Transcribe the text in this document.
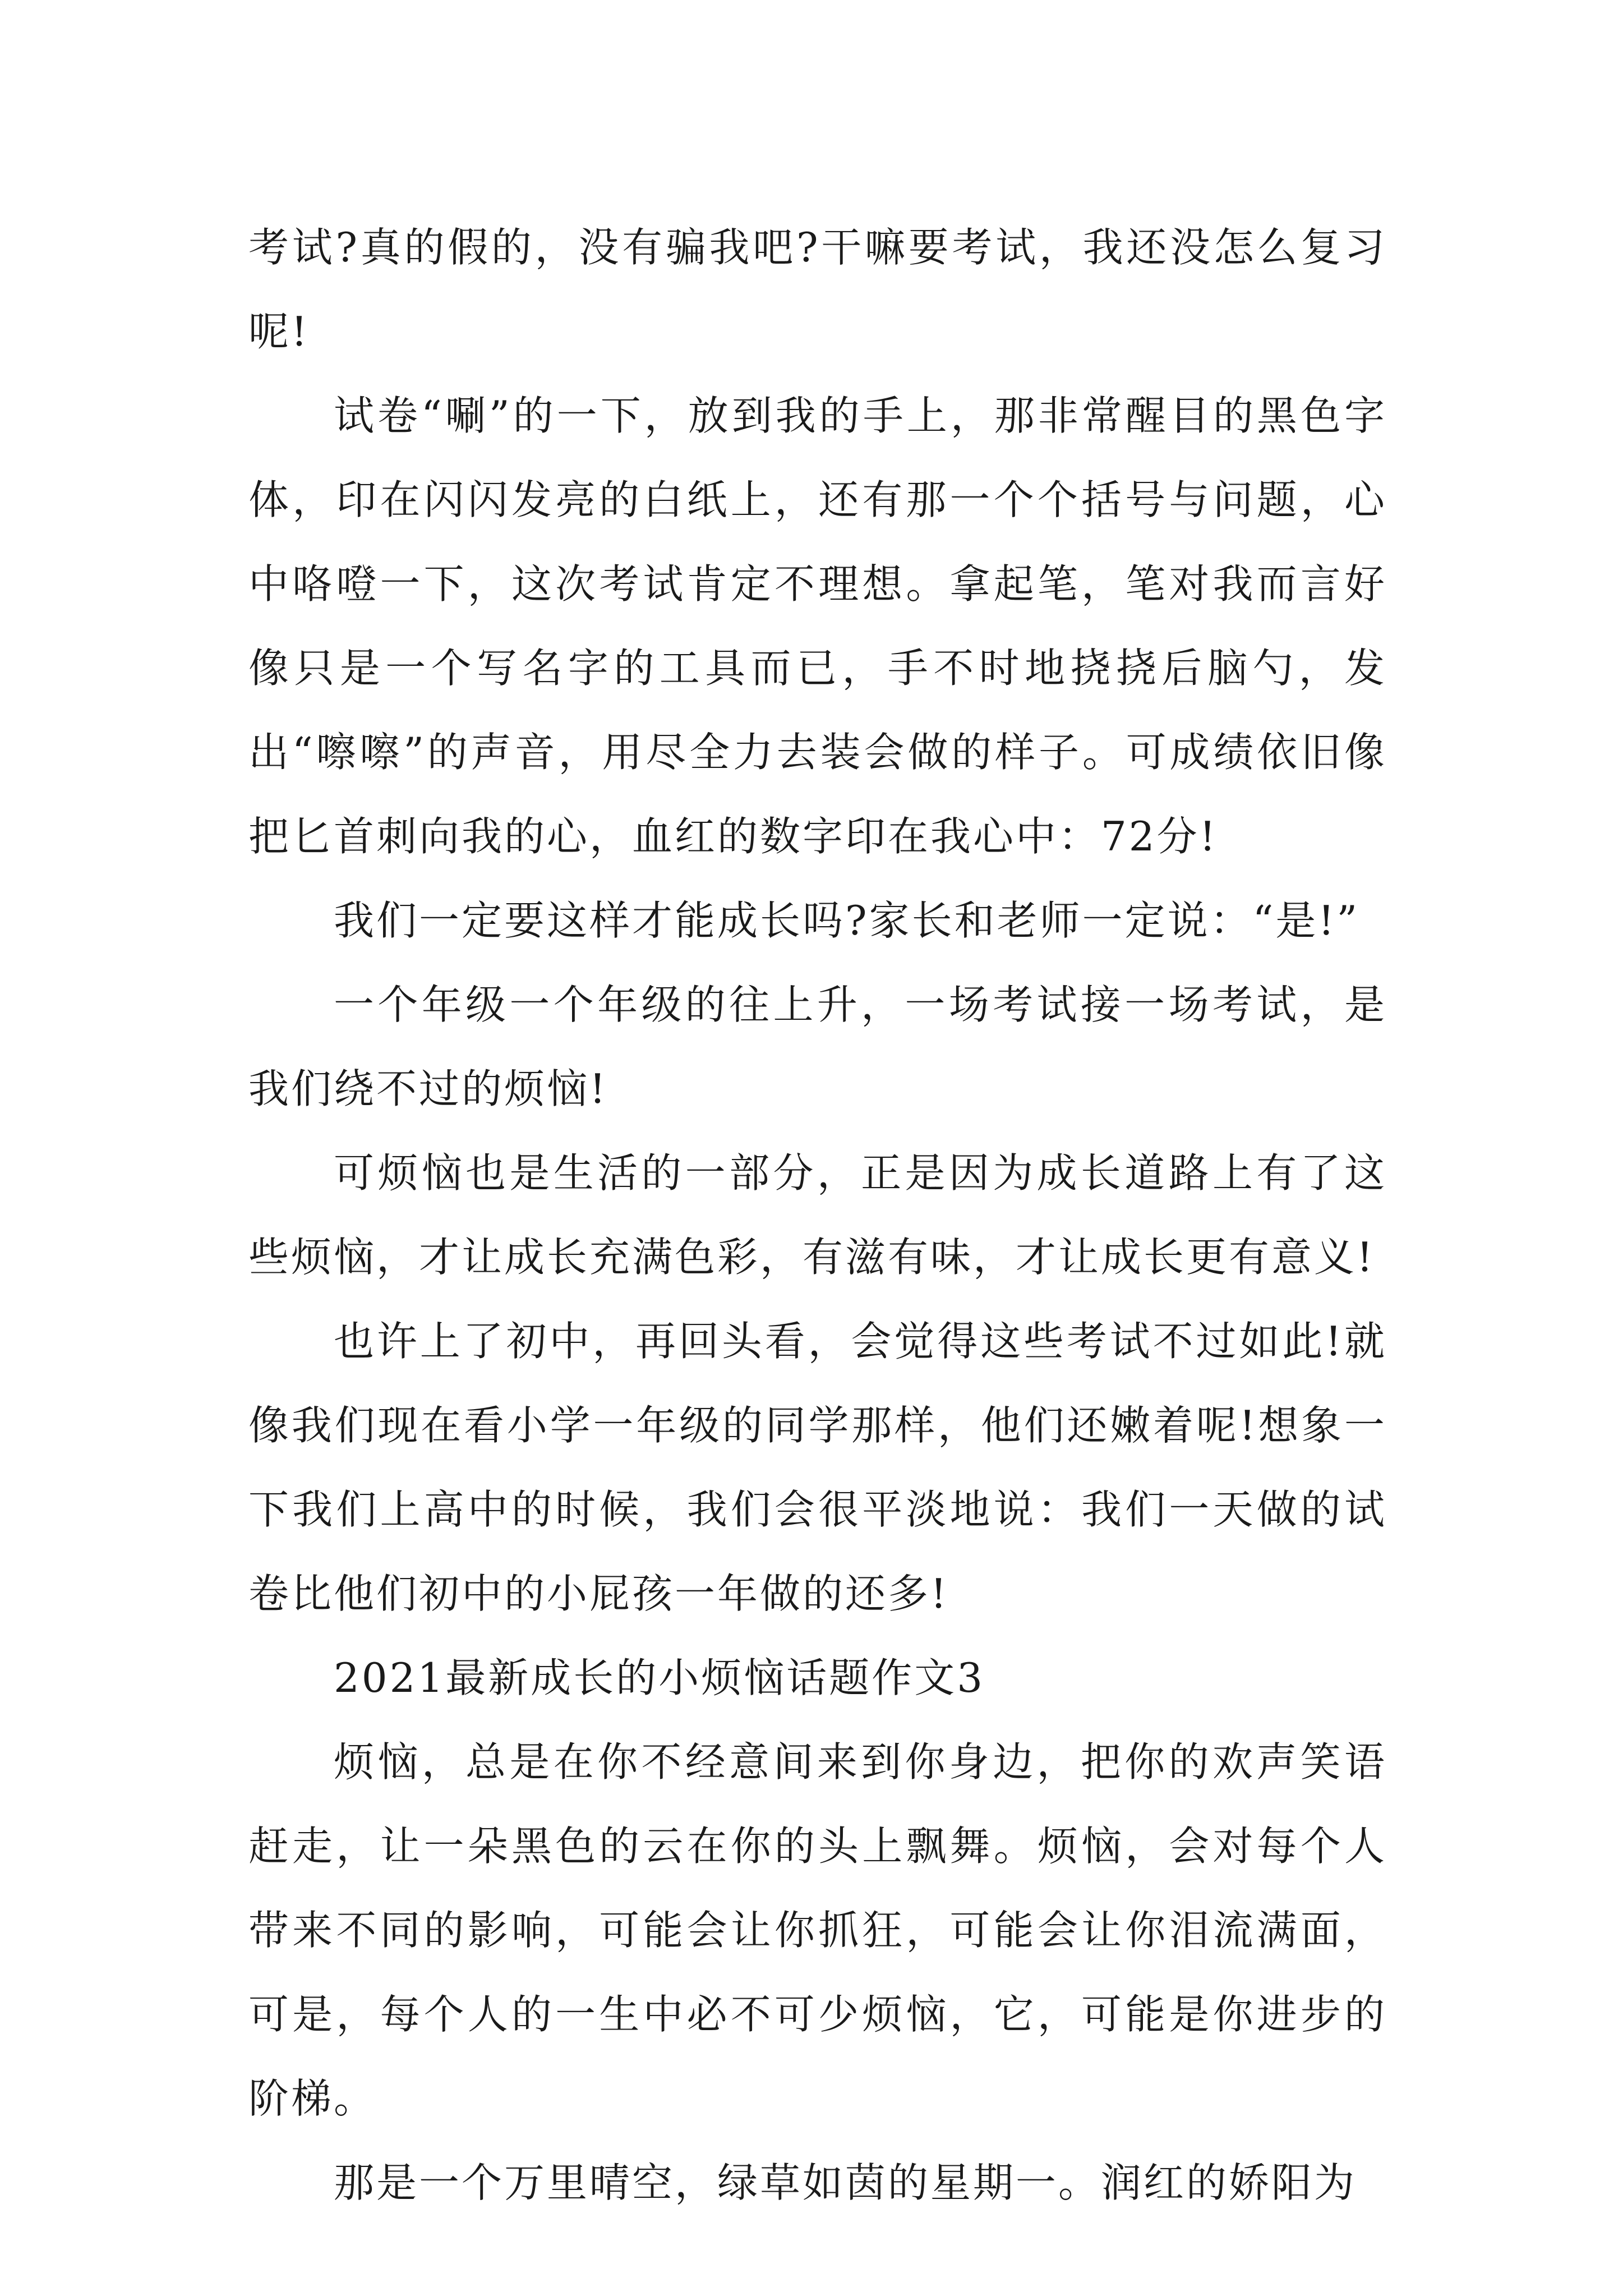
考试?真的假的，没有骗我吧?干嘛要考试，我还没怎么复习呢!

试卷“唰”的一下，放到我的手上，那非常醒目的黑色字体，印在闪闪发亮的白纸上，还有那一个个括号与问题，心中咯噔一下，这次考试肯定不理想。拿起笔，笔对我而言好像只是一个写名字的工具而已，手不时地挠挠后脑勺，发出“嚓嚓”的声音，用尽全力去装会做的样子。可成绩依旧像把匕首刺向我的心，血红的数字印在我心中：72分!

我们一定要这样才能成长吗?家长和老师一定说：“是!”

一个年级一个年级的往上升，一场考试接一场考试，是我们绕不过的烦恼!

可烦恼也是生活的一部分，正是因为成长道路上有了这些烦恼，才让成长充满色彩，有滋有味，才让成长更有意义!

也许上了初中，再回头看，会觉得这些考试不过如此!就像我们现在看小学一年级的同学那样，他们还嫩着呢!想象一下我们上高中的时候，我们会很平淡地说：我们一天做的试卷比他们初中的小屁孩一年做的还多!

2021最新成长的小烦恼话题作文3

烦恼，总是在你不经意间来到你身边，把你的欢声笑语赶走，让一朵黑色的云在你的头上飘舞。烦恼，会对每个人带来不同的影响，可能会让你抓狂，可能会让你泪流满面，可是，每个人的一生中必不可少烦恼，它，可能是你进步的阶梯。

那是一个万里晴空，绿草如茵的星期一。润红的娇阳为
